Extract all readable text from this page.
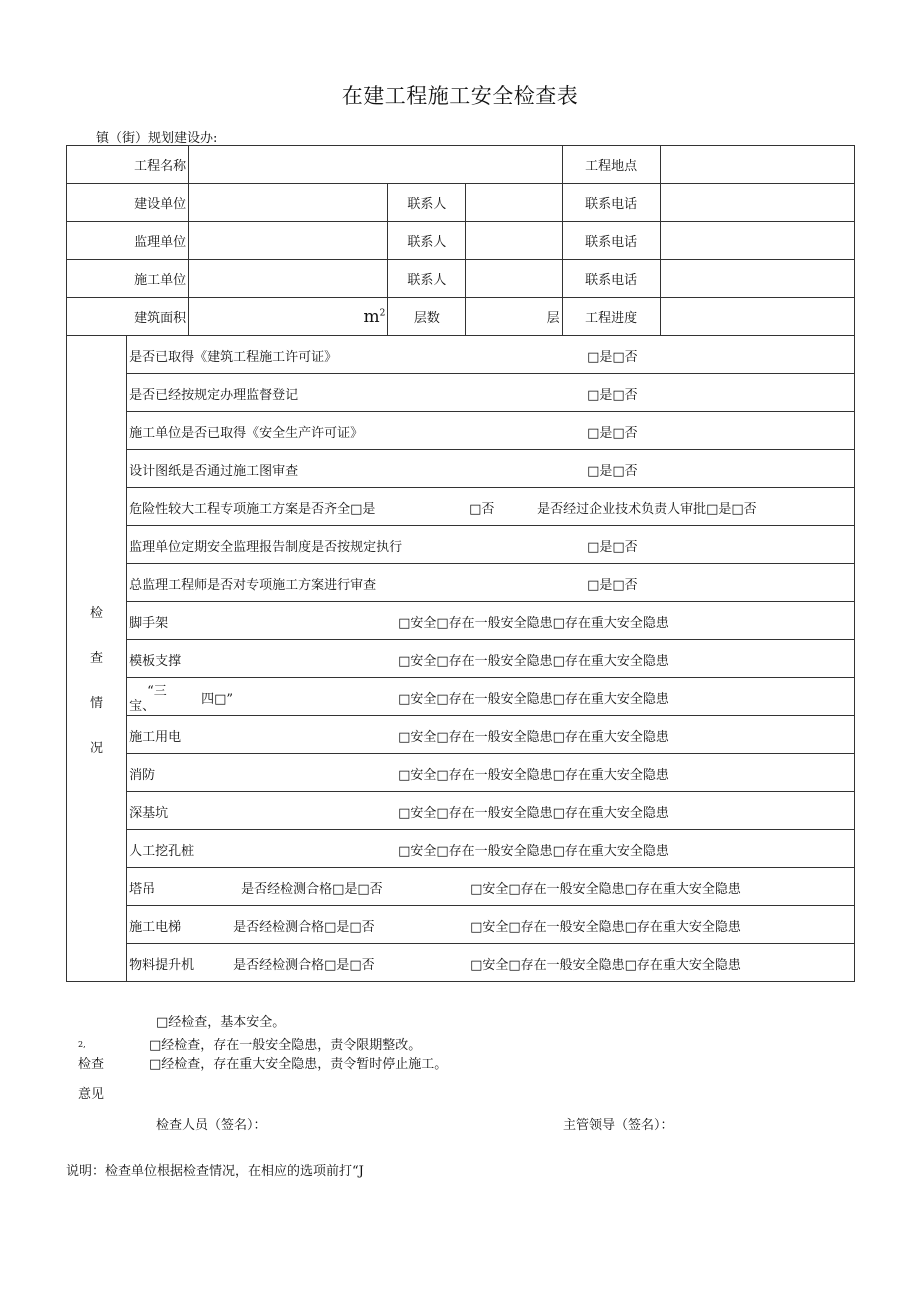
在建工程施工安全检查表
镇（街）规划建设办:
工程名称					工程地点	
建设单位			联系人		联系电话	
监理单位			联系人		联系电话	
施工单位			联系人		联系电话	
建筑面积		$m^2$	层数	层	工程进度	

检
查
情
况	是否已取得《建筑工程施工许可证》 □是□否					

	是否已经按规定办理监督登记 □是□否					

	施工单位是否已取得《安全生产许可证》 □是□否					

	设计图纸是否通过施工图审查 □是□否					

	危险性较大工程专项施工方案是否齐全□是 □否 是否经过企业技术负责人审批□是□否					

	监理单位定期安全监理报告制度是否按规定执行 □是□否					

	总监理工程师是否对专项施工方案进行审查 □是□否					

	脚手架 □安全□存在一般安全隐患□存在重大安全隐患					

	模板支撑 □安全□存在一般安全隐患□存在重大安全隐患					

	“三
宝、 四□” □安全□存在一般安全隐患□存在重大安全隐患					

	施工用电 □安全□存在一般安全隐患□存在重大安全隐患					

	消防 □安全□存在一般安全隐患□存在重大安全隐患					

	深基坑 □安全□存在一般安全隐患□存在重大安全隐患					

	人工挖孔桩 □安全□存在一般安全隐患□存在重大安全隐患					

	塔吊 是否经检测合格□是□否 □安全□存在一般安全隐患□存在重大安全隐患					

	施工电梯 是否经检测合格□是□否 □安全□存在一般安全隐患□存在重大安全隐患					

	物料提升机 是否经检测合格□是□否 □安全□存在一般安全隐患□存在重大安全隐患					
□经检查，基本安全。
2,	□经检查，存在一般安全隐患，责令限期整改。
检查	□经检查，存在重大安全隐患，责令暂时停止施工。
意见
检查人员（签名）：	主管领导（签名）：
说明：检查单位根据检查情况，在相应的选项前打“J
